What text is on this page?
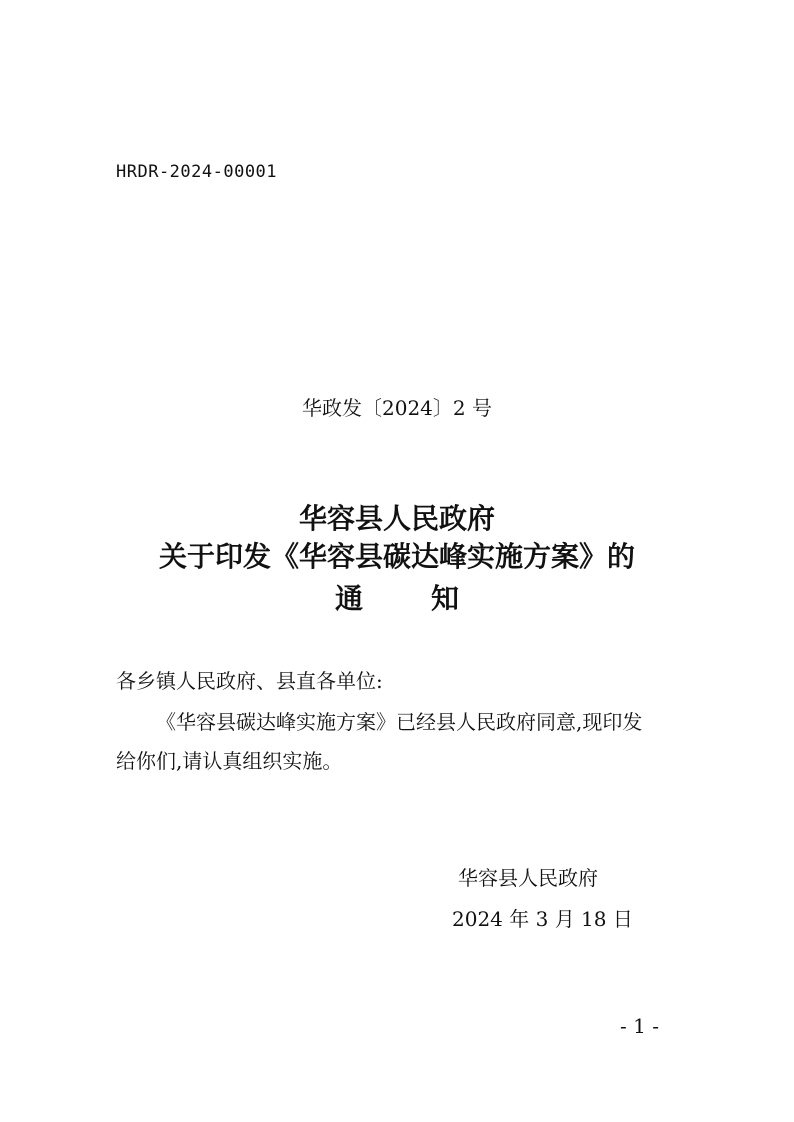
HRDR-2024-00001
华政发〔2024〕2 号
华容县人民政府
关于印发《华容县碳达峰实施方案》的
通 知
各乡镇人民政府、县直各单位:
《华容县碳达峰实施方案》已经县人民政府同意,现印发
给你们,请认真组织实施。
华容县人民政府
2024 年 3 月 18 日
- 1 -
